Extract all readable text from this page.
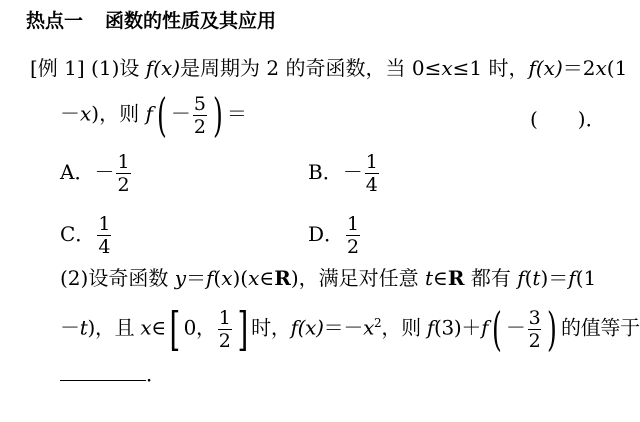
热点一 函数的性质及其应用
[例 1] (1)设 f(x)是周期为 2 的奇函数，当 0≤x≤1 时，f(x)＝2x(1
－x)，则 $f( - \frac{5}{2}$ ) ＝	(　　)．
A．－ $\frac{1}{2}$	B．－ $\frac{1}{4}$
C． $\frac{1}{4}$	D． $\frac{1}{2}$
(2)设奇函数 y＝f(x)(x∈R)，满足对任意 t∈R 都有 f(t)＝f(1
－t)，且 x∈[ 0， $\frac{1}{2}$ ] 时，$f(x)=-x^2$，则 $f(3)+f( - \frac{3}{2}$ ) 的值等于
．
